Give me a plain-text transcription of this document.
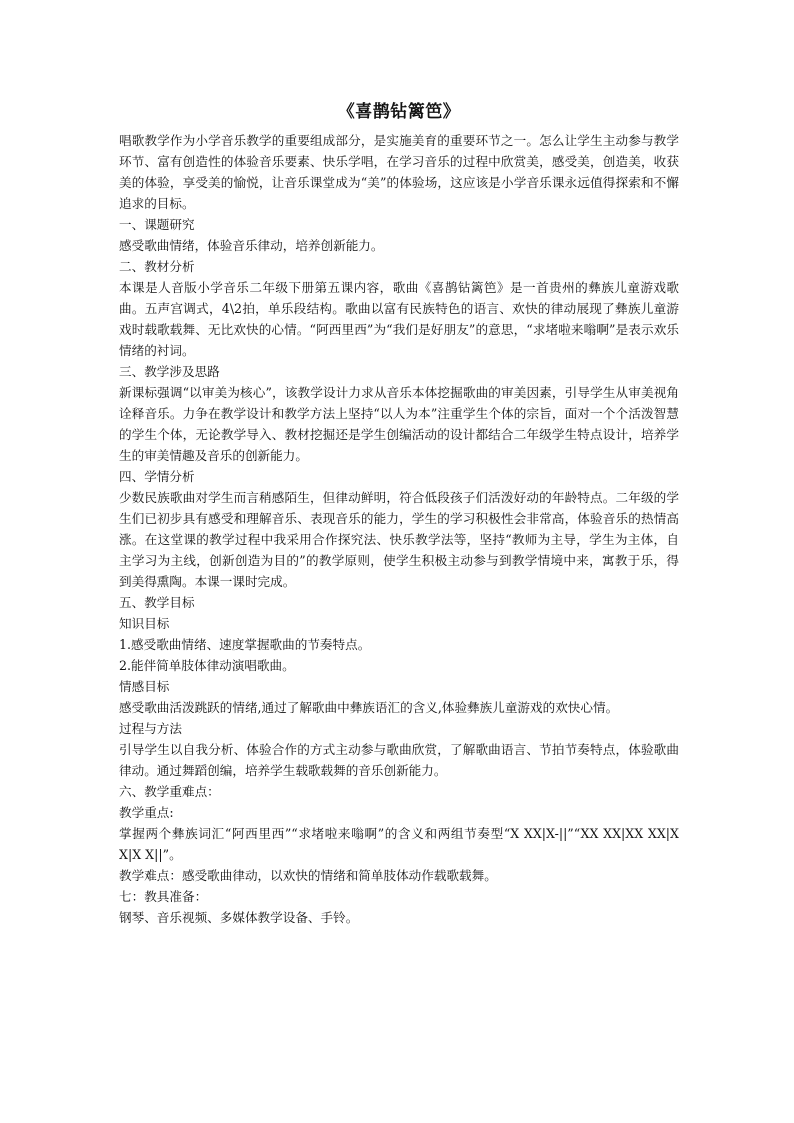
《喜鹊钻篱笆》

唱歌教学作为小学音乐教学的重要组成部分，是实施美育的重要环节之一。怎么让学生主动参与教学环节、富有创造性的体验音乐要素、快乐学唱，在学习音乐的过程中欣赏美，感受美，创造美，收获美的体验，享受美的愉悦，让音乐课堂成为“美”的体验场，这应该是小学音乐课永远值得探索和不懈追求的目标。

一、课题研究

感受歌曲情绪，体验音乐律动，培养创新能力。

二、教材分析

本课是人音版小学音乐二年级下册第五课内容，歌曲《喜鹊钻篱笆》是一首贵州的彝族儿童游戏歌曲。五声宫调式，4\2拍，单乐段结构。歌曲以富有民族特色的语言、欢快的律动展现了彝族儿童游戏时载歌载舞、无比欢快的心情。“阿西里西”为“我们是好朋友”的意思，“求堵啦来嗡啊”是表示欢乐情绪的衬词。

三、教学涉及思路

新课标强调“以审美为核心”，该教学设计力求从音乐本体挖掘歌曲的审美因素，引导学生从审美视角诠释音乐。力争在教学设计和教学方法上坚持“以人为本”注重学生个体的宗旨，面对一个个活泼智慧的学生个体，无论教学导入、教材挖掘还是学生创编活动的设计都结合二年级学生特点设计，培养学生的审美情趣及音乐的创新能力。

四、学情分析

少数民族歌曲对学生而言稍感陌生，但律动鲜明，符合低段孩子们活泼好动的年龄特点。二年级的学生们已初步具有感受和理解音乐、表现音乐的能力，学生的学习积极性会非常高，体验音乐的热情高涨。在这堂课的教学过程中我采用合作探究法、快乐教学法等，坚持“教师为主导，学生为主体，自主学习为主线，创新创造为目的”的教学原则，使学生积极主动参与到教学情境中来，寓教于乐，得到美得熏陶。本课一课时完成。

五、教学目标

知识目标

1.感受歌曲情绪、速度掌握歌曲的节奏特点。

2.能伴简单肢体律动演唱歌曲。

情感目标

感受歌曲活泼跳跃的情绪,通过了解歌曲中彝族语汇的含义,体验彝族儿童游戏的欢快心情。

过程与方法

引导学生以自我分析、体验合作的方式主动参与歌曲欣赏，了解歌曲语言、节拍节奏特点，体验歌曲律动。通过舞蹈创编，培养学生载歌载舞的音乐创新能力。

六、教学重难点：

教学重点:

掌握两个彝族词汇“阿西里西”“求堵啦来嗡啊”的含义和两组节奏型“X XX|X-||”“XX XX|XX XX|X X|X X||”。

教学难点：感受歌曲律动，以欢快的情绪和简单肢体动作载歌载舞。

七：教具准备：

钢琴、音乐视频、多媒体教学设备、手铃。
